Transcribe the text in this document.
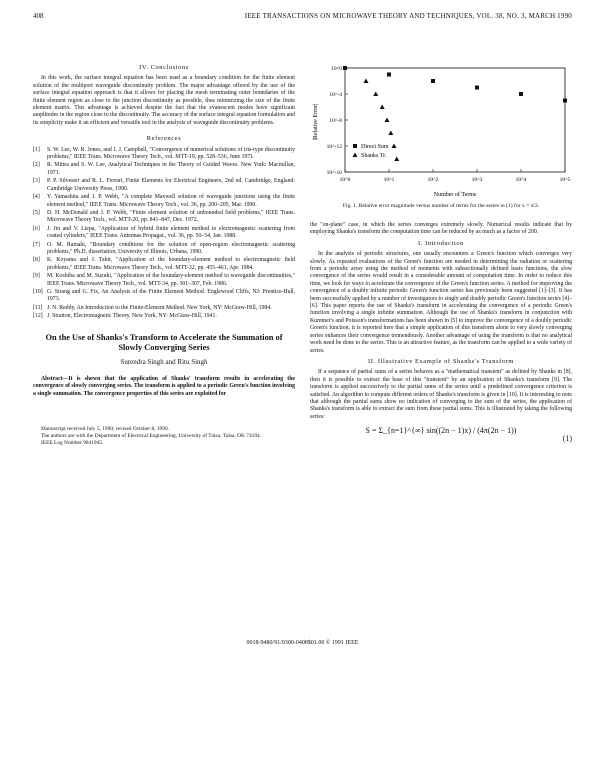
408	IEEE TRANSACTIONS ON MICROWAVE THEORY AND TECHNIQUES, VOL. 38, NO. 3, MARCH 1990
IV. Conclusions

In this work, the surface integral equation has been used as a boundary condition for the finite element solution of the multiport waveguide discontinuity problem. The major advantage offered by the use of the surface integral equation approach is that it allows for placing the mesh terminating outer boundaries of the finite element region as close to the junction discontinuity as possible, thus minimizing the size of the finite element matrix. This advantage is achieved despite the fact that the evanescent modes have significant amplitudes in the region close to the discontinuity. The accuracy of the surface integral equation formulation and its simplicity make it an efficient and versatile tool in the analysis of waveguide discontinuity problems.

References
[1]	S. W. Lee, W. R. Jones, and J. J. Campbell, "Convergence of numerical solutions of iris-type discontinuity problems," IEEE Trans. Microwave Theory Tech., vol. MTT-19, pp. 528–536, June 1971.
[2]	R. Mittra and S. W. Lee, Analytical Techniques in the Theory of Guided Waves. New York: Macmillan, 1971.
[3]	P. P. Silvester and R. L. Ferrari, Finite Elements for Electrical Engineers, 2nd ed. Cambridge, England: Cambridge University Press, 1990.
[4]	Y. Yamashita and J. P. Webb, "A complete Maxwell solution of waveguide junctions using the finite element method," IEEE Trans. Microwave Theory Tech., vol. 36, pp. 200–205, Mar. 1990.
[5]	D. H. McDonald and J. P. Webb, "Finite element solution of unbounded field problems," IEEE Trans. Microwave Theory Tech., vol. MTT-20, pp. 841–847, Dec. 1972.
[6]	J. Jin and V. Liepa, "Application of hybrid finite element method to electromagnetic scattering from coated cylinders," IEEE Trans. Antennas Propagat., vol. 36, pp. 50–54, Jan. 1988.
[7]	O. M. Ramahi, "Boundary conditions for the solution of open-region electromagnetic scattering problems," Ph.D. dissertation, University of Illinois, Urbana, 1990.
[8]	K. Koyama and J. Tahir, "Application of the boundary-element method to electromagnetic field problems," IEEE Trans. Microwave Theory Tech., vol. MTT-32, pp. 455–461, Apr. 1984.
[9]	M. Koshiba and M. Suzuki, "Application of the boundary-element method to waveguide discontinuities," IEEE Trans. Microwave Theory Tech., vol. MTT-34, pp. 301–307, Feb. 1986.
[10] G. Strang and G. Fix, An Analysis of the Finite Element Method. Englewood Cliffs, NJ: Prentice-Hall, 1973.
[11] J. N. Reddy, An Introduction to the Finite-Element Method. New York, NY: McGraw-Hill, 1984.
[12] J. Stratton, Electromagnetic Theory. New York, NY: McGraw-Hill, 1941.
On the Use of Shanks's Transform to Accelerate the Summation of Slowly Converging Series
Surendra Singh and Ritu Singh
Abstract—It is shown that the application of Shanks' transform results in accelerating the convergence of slowly converging series. The transform is applied to a periodic Green's function involving a single summation. The convergence properties of this series are exploited for
Manuscript received July 5, 1990; revised October 8, 1990.
The authors are with the Department of Electrical Engineering, University of Tulsa, Tulsa, OK 74104.
IEEE Log Number 9041945.
|Relative Error|
Number of Terms
10^0	10^1	10^2	10^3	10^4	10^5
10^0
10^-4
10^-8
10^-12
10^-16
Direct Sum
Shanks Tr.
Fig. 1. Relative error magnitude versus number of terms for the series in (1) for x = π/2.

the "on-plane" case, in which the series converges extremely slowly. Numerical results indicate that by employing Shanks's transform the computation time can be reduced by as much as a factor of 200.

I. Introduction

In the analysis of periodic structures, one usually encounters a Green's function which converges very slowly. As repeated evaluations of the Green's function are needed in determining the radiation or scattering from a periodic array using the method of moments with subsectionally defined basis functions, the slow convergence of the series would result in a considerable amount of computation time. In order to reduce this time, we look for ways to accelerate the convergence of the Green's function series. A method for improving the convergence of a doubly infinite periodic Green's function series has previously been suggested [1]–[3]. It has been successfully applied by a number of investigators to singly and doubly periodic Green's function series [4]–[6]. This paper reports the use of Shanks's transform in accelerating the convergence of a periodic Green's function involving a single infinite summation. Although the use of Shanks's transform in conjunction with Kummer's and Poisson's transformations has been shown in [5] to improve the convergence of a doubly periodic Green's function, it is reported here that a simple application of this transform alone to very slowly converging series enhances their convergence tremendously. Another advantage of using the transform is that no analytical work need be done to the series. This is an attractive feature, as the transform can be applied to a wide variety of series.

II. Illustrative Example of Shanks's Transform

If a sequence of partial sums of a series behaves as a "mathematical transient" as defined by Shanks in [8], then it is possible to extract the base of this "transient" by an application of Shanks's transform [9]. The transform is applied successively to the partial sums of the series until a predefined convergence criterion is satisfied. An algorithm to compute different orders of Shanks's transform is given in [10]. It is interesting to note that although the partial sums show no indication of converging to the sum of the series, the application of Shanks's transform is able to extract the sum from these partial sums. This is illustrated by taking the following series:

S = Σ_{n=1}^{∞} sin((2n − 1)x) / (4π(2n − 1))
(1)
0018-9480/91/0300-0408$01.00 © 1991 IEEE
